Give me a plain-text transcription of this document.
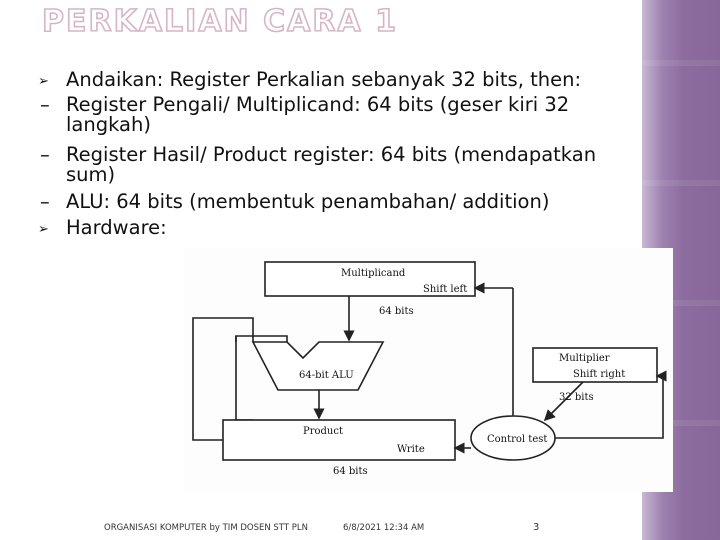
PERKALIAN CARA 1
➢ Andaikan: Register Perkalian sebanyak 32 bits, then:
– Register Pengali/ Multiplicand: 64 bits (geser kiri 32
langkah)
– Register Hasil/ Product register: 64 bits (mendapatkan
sum)
– ALU: 64 bits (membentuk penambahan/ addition)
➢ Hardware:
Multiplicand
Shift left
64 bits
64-bit ALU
Multiplier
Shift right
32 bits
Product
Write
64 bits
Control test
ORGANISASI KOMPUTER by TIM DOSEN STT PLN	6/8/2021 12:34 AM	3
